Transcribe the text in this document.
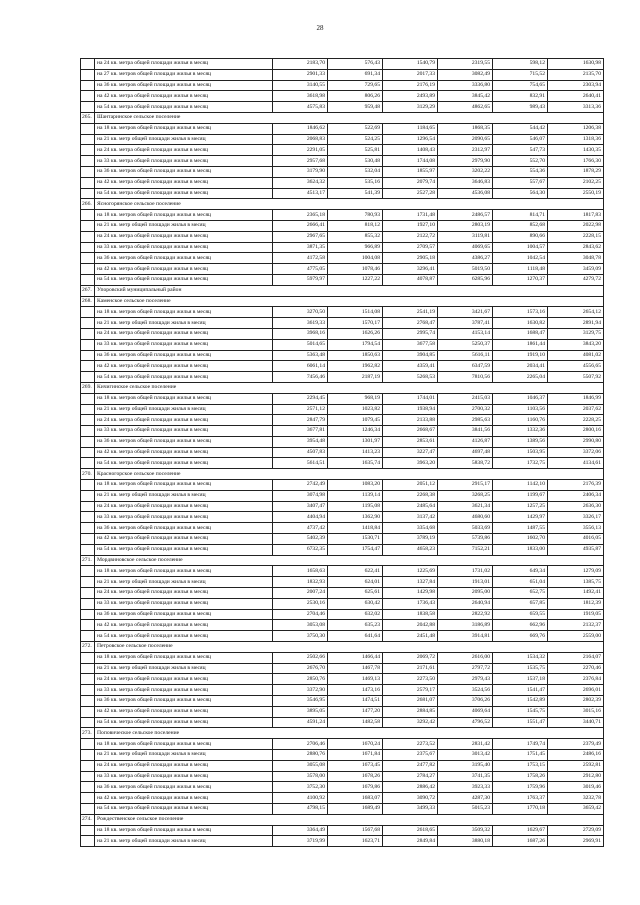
28
	на 24 кв. метра общей площади жилья в месяц	2183,70	576,43	1540,79	2319,55	598,12	1630,98
	на 27 кв. метров общей площади жилья в месяц	2901,33	691,34	2017,33	3082,49	715,52	2135,70
	на 36 кв. метров общей площади жилья в месяц	3140,55	729,65	2176,19	3336,80	754,65	2303,94
	на 42 кв. метра общей площади жилья в месяц	3618,98	806,26	2493,89	3845,42	832,91	2640,41
	на 54 кв. метра общей площади жилья в месяц	4575,83	959,48	3129,29	4862,65	989,43	3313,36
265.	Шантаринское сельское поселение						
	на 18 кв. метров общей площади жилья в месяц	1846,62	522,69	1184,65	1868,35	544,42	1206,38
	на 21 кв. метр общей площади жилья в месяц	2068,83	524,25	1296,54	2090,65	546,07	1318,36
	на 24 кв. метра общей площади жилья в месяц	2291,05	525,81	1408,43	2312,97	547,73	1430,35
	на 33 кв. метра общей площади жилья в месяц	2957,68	530,48	1744,08	2979,90	552,70	1766,30
	на 36 кв. метров общей площади жилья в месяц	3179,90	532,04	1855,97	3202,22	554,36	1878,29
	на 42 кв. метра общей площади жилья в месяц	3624,32	535,16	2079,74	3646,83	557,67	2102,25
	на 54 кв. метра общей площади жилья в месяц	4513,17	541,39	2527,28	4536,08	564,30	2550,19
266.	Ясногорянское сельское поселение						
	на 18 кв. метров общей площади жилья в месяц	2365,18	780,93	1731,48	2486,57	814,71	1817,83
	на 21 кв. метр общей площади жилья в месяц	2666,41	818,12	1927,10	2803,19	852,68	2022,98
	на 24 кв. метра общей площади жилья в месяц	2967,65	855,32	2122,72	3119,81	890,66	2228,15
	на 33 кв. метра общей площади жилья в месяц	3871,35	966,89	2709,57	4069,65	1004,57	2843,62
	на 36 кв. метров общей площади жилья в месяц	4172,58	1004,08	2905,18	4386,27	1042,54	3048,78
	на 42 кв. метра общей площади жилья в месяц	4775,05	1078,46	3296,41	5019,50	1118,48	3459,09
	на 54 кв. метра общей площади жилья в месяц	5979,97	1227,22	4078,87	6285,96	1270,37	4279,72
267.	Упоровский муниципальный район						
268.	Каменское сельское поселение						
	на 18 кв. метров общей площади жилья в месяц	3270,50	1514,08	2541,19	3421,67	1573,16	2654,12
	на 21 кв. метр общей площади жилья в месяц	3619,33	1570,17	2768,47	3787,41	1630,82	2891,94
	на 24 кв. метра общей площади жилья в месяц	3968,16	1626,26	2995,74	4153,14	1688,47	3129,75
	на 33 кв. метра общей площади жилья в месяц	5014,65	1794,54	3677,58	5250,37	1861,44	3843,20
	на 36 кв. метров общей площади жилья в месяц	5363,48	1850,63	3904,85	5616,11	1919,10	4081,02
	на 42 кв. метра общей площади жилья в месяц	6061,14	1962,82	4359,41	6347,59	2034,41	4556,65
	на 54 кв. метра общей площади жилья в месяц	7456,46	2187,19	5268,53	7810,56	2265,04	5507,92
269.	Кичигинское сельское поселение						
	на 18 кв. метров общей площади жилья в месяц	2294,45	968,19	1744,01	2415,03	1046,37	1846,99
	на 21 кв. метр общей площади жилья в месяц	2571,12	1023,82	1938,94	2700,32	1103,56	2037,62
	на 24 кв. метра общей площади жилья в месяц	2847,79	1079,45	2133,88	2985,63	1160,76	2228,25
	на 33 кв. метра общей площади жилья в месяц	3677,81	1246,34	2668,67	3841,56	1332,36	2800,16
	на 36 кв. метров общей площади жилья в месяц	3954,48	1301,97	2853,61	4126,87	1389,56	2990,80
	на 42 кв. метра общей площади жилья в месяц	4507,83	1413,23	3227,47	4697,48	1503,95	3372,06
	на 54 кв. метра общей площади жилья в месяц	5614,51	1635,74	3963,20	5838,72	1732,75	4134,61
270.	Красногорское сельское поселение						
	на 18 кв. метров общей площади жилья в месяц	2742,49	1083,20	2051,12	2915,17	1142,10	2176,39
	на 21 кв. метр общей площади жилья в месяц	3074,98	1139,14	2268,38	3268,25	1199,67	2406,34
	на 24 кв. метра общей площади жилья в месяц	3407,47	1195,08	2485,64	3621,34	1257,25	2636,30
	на 33 кв. метра общей площади жилья в месяц	4404,94	1362,90	3137,42	4680,60	1429,97	3326,17
	на 36 кв. метров общей площади жилья в месяц	4737,42	1418,84	3354,68	5033,69	1487,55	3556,13
	на 42 кв. метра общей площади жилья в месяц	5402,39	1530,71	3789,19	5739,86	1602,70	4016,05
	на 54 кв. метра общей площади жилья в месяц	6732,35	1754,47	4658,23	7152,21	1833,00	4935,87
271.	Мордвиновское сельское поселение						
	на 18 кв. метров общей площади жилья в месяц	1658,63	622,41	1225,69	1731,02	649,34	1279,09
	на 21 кв. метр общей площади жилья в месяц	1832,93	624,01	1327,84	1913,01	651,04	1385,75
	на 24 кв. метра общей площади жилья в месяц	2007,24	625,61	1429,98	2095,00	652,75	1492,41
	на 33 кв. метра общей площади жилья в месяц	2530,16	630,42	1736,43	2640,94	657,85	1812,39
	на 36 кв. метров общей площади жилья в месяц	2704,46	632,02	1838,58	2822,92	659,55	1919,05
	на 42 кв. метра общей площади жилья в месяц	3053,08	635,23	2042,88	3186,89	662,96	2132,37
	на 54 кв. метра общей площади жилья в месяц	3750,30	641,64	2451,48	3914,81	669,76	2559,00
272.	Петровское сельское поселение						
	на 18 кв. метров общей площади жилья в месяц	2502,66	1466,44	2069,72	2616,00	1534,32	2164,07
	на 21 кв. метр общей площади жилья в месяц	2676,70	1467,78	2171,61	2797,72	1535,75	2270,46
	на 24 кв. метра общей площади жилья в месяц	2850,76	1469,13	2273,50	2979,43	1537,18	2376,84
	на 33 кв. метра общей площади жилья в месяц	3372,90	1473,16	2579,17	3524,56	1541,47	2696,01
	на 36 кв. метров общей площади жилья в месяц	3546,95	1474,51	2681,07	3706,26	1542,89	2802,39
	на 42 кв. метра общей площади жилья в месяц	3895,05	1477,20	2884,85	4069,64	1545,75	3015,16
	на 54 кв. метра общей площади жилья в месяц	4591,24	1482,58	3292,42	4796,52	1551,47	3440,71
273.	Поповическое сельское поселение						
	на 18 кв. метров общей площади жилья в месяц	2706,46	1670,24	2273,52	2831,42	1749,74	2379,49
	на 21 кв. метр общей площади жилья в месяц	2880,76	1671,84	2375,67	3013,42	1751,45	2486,16
	на 24 кв. метра общей площади жилья в месяц	3055,08	1673,45	2477,82	3195,40	1753,15	2592,81
	на 33 кв. метра общей площади жилья в месяц	3578,00	1678,26	2784,27	3741,35	1758,26	2912,80
	на 36 кв. метров общей площади жилья в месяц	3752,30	1679,86	2886,42	3923,33	1759,96	3019,46
	на 42 кв. метра общей площади жилья в месяц	4100,92	1683,07	3090,72	4287,30	1763,37	3232,78
	на 54 кв. метра общей площади жилья в месяц	4798,15	1689,49	3499,33	5015,23	1770,18	3659,42
274.	Рождественское сельское поселение						
	на 18 кв. метров общей площади жилья в месяц	3364,49	1567,68	2618,65	3509,32	1629,67	2729,09
	на 21 кв. метр общей площади жилья в месяц	3719,99	1623,71	2849,84	3880,18	1687,26	2969,91
